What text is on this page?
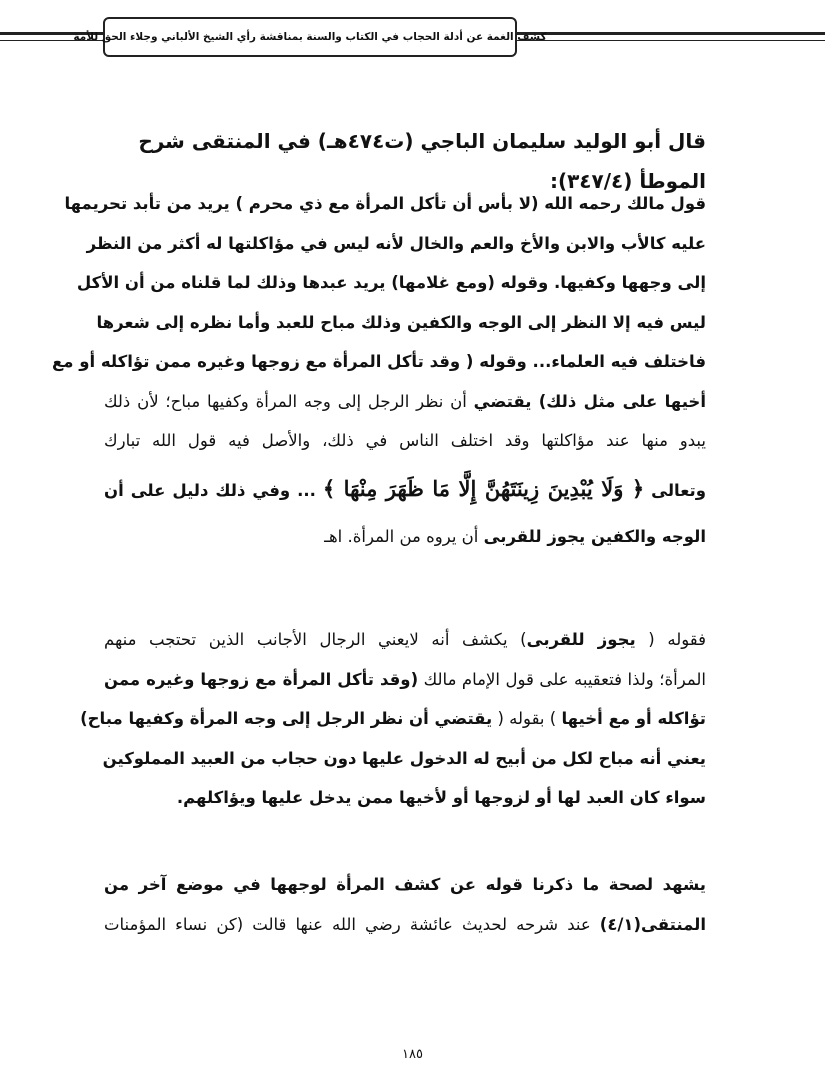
كشف الغمة عن أدلة الحجاب في الكتاب والسنة بمناقشة رأي الشيخ الألباني وجلاء الحق للأمة
قال أبو الوليد سليمان الباجي (ت٤٧٤هـ) في المنتقى شرح الموطأ (٣٤٧/٤):
قول مالك رحمه الله (لا بأس أن تأكل المرأة مع ذي محرم ) يريد من تأبد تحريمها
عليه كالأب والابن والأخ والعم والخال لأنه ليس في مؤاكلتها له أكثر من النظر
إلى وجهها وكفيها. وقوله (ومع غلامها) يريد عبدها وذلك لما قلناه من أن الأكل
ليس فيه إلا النظر إلى الوجه والكفين وذلك مباح للعبد وأما نظره إلى شعرها
فاختلف فيه العلماء... وقوله ( وقد تأكل المرأة مع زوجها وغيره ممن تؤاكله أو مع
أخيها على مثل ذلك) يقتضي أن نظر الرجل إلى وجه المرأة وكفيها مباح؛ لأن ذلك
يبدو منها عند مؤاكلتها وقد اختلف الناس في ذلك، والأصل فيه قول الله تبارك
وتعالى ﴿ وَلَا يُبْدِينَ زِينَتَهُنَّ إِلَّا مَا ظَهَرَ مِنْهَا ﴾ ... وفي ذلك دليل على أن
الوجه والكفين يجوز للقربى أن يروه من المرأة. اهـ
فقوله ( يجوز للقربى) يكشف أنه لايعني الرجال الأجانب الذين تحتجب منهم
المرأة؛ ولذا فتعقيبه على قول الإمام مالك (وقد تأكل المرأة مع زوجها وغيره ممن
تؤاكله أو مع أخيها ) بقوله ( يقتضي أن نظر الرجل إلى وجه المرأة وكفيها مباح)
يعني أنه مباح لكل من أبيح له الدخول عليها دون حجاب من العبيد المملوكين
سواء كان العبد لها أو لزوجها أو لأخيها ممن يدخل عليها ويؤاكلهم.
يشهد لصحة ما ذكرنا قوله عن كشف المرأة لوجهها في موضع آخر من
المنتقى(٤/١) عند شرحه لحديث عائشة رضي الله عنها قالت (كن نساء المؤمنات
١٨٥
